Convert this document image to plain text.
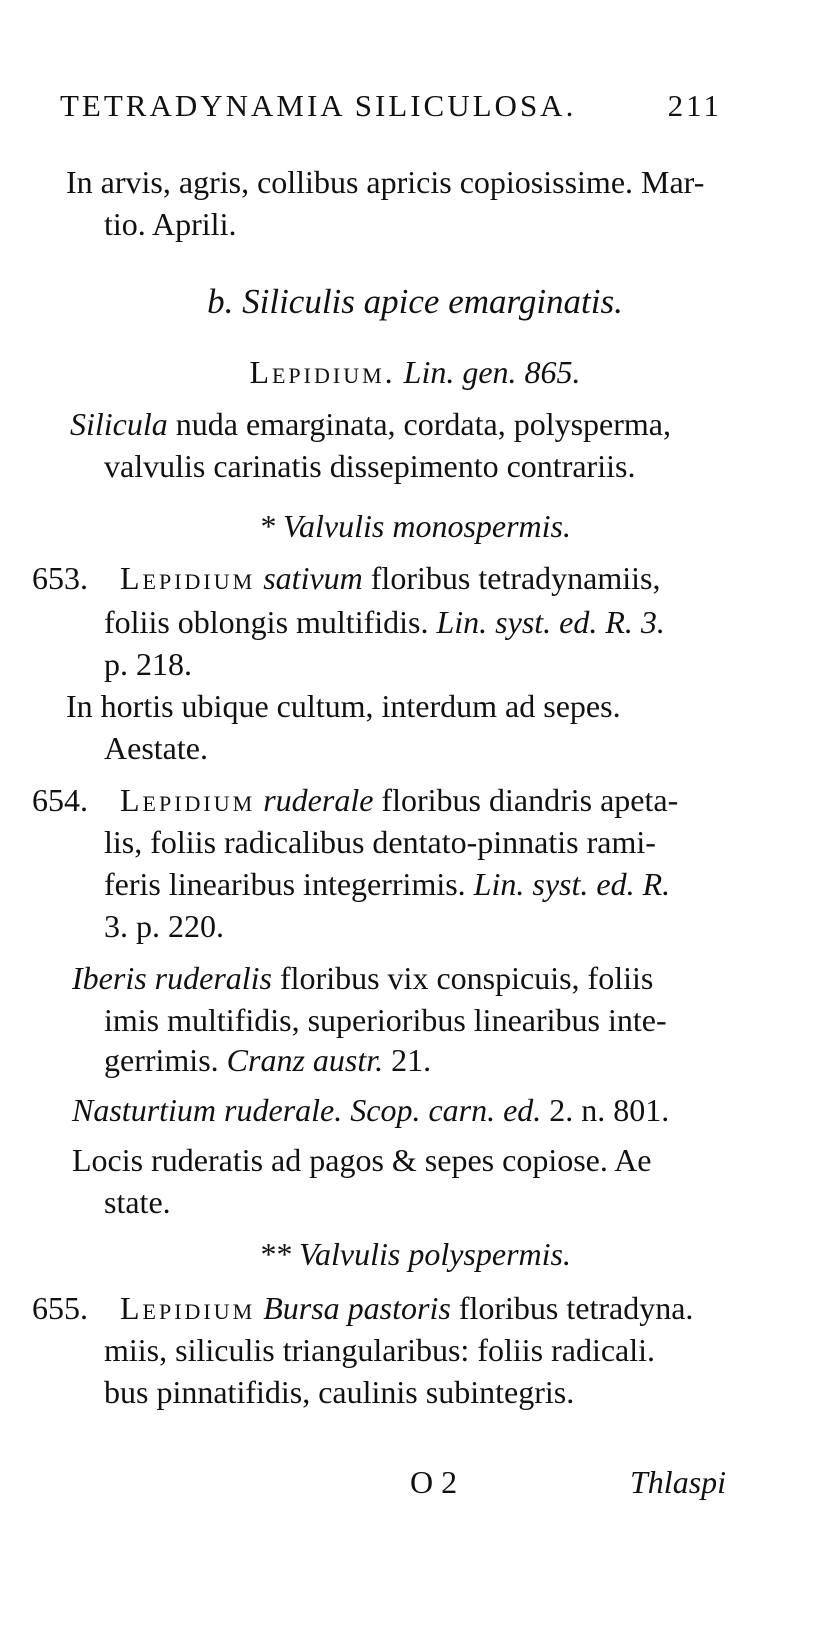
TETRADYNAMIA SILICULOSA.	211
In arvis, agris, collibus apricis copiosissime. Mar-
tio. Aprili.
b. Siliculis apice emarginatis.
Lepidium. Lin. gen. 865.
Silicula nuda emarginata, cordata, polysperma,
valvulis carinatis dissepimento contrariis.
* Valvulis monospermis.
653. Lepidium sativum floribus tetradynamiis,
foliis oblongis multifidis. Lin. syst. ed. R. 3.
p. 218.
In hortis ubique cultum, interdum ad sepes.
Aestate.
654. Lepidium ruderale floribus diandris apeta-
lis, foliis radicalibus dentato-pinnatis rami-
feris linearibus integerrimis. Lin. syst. ed. R.
3. p. 220.
Iberis ruderalis floribus vix conspicuis, foliis
imis multifidis, superioribus linearibus inte-
gerrimis. Cranz austr. 21.
Nasturtium ruderale. Scop. carn. ed. 2. n. 801.
Locis ruderatis ad pagos & sepes copiose. Ae
state.
** Valvulis polyspermis.
655. Lepidium Bursa pastoris floribus tetradyna.
miis, siliculis triangularibus: foliis radicali.
bus pinnatifidis, caulinis subintegris.
O 2	Thlaspi
